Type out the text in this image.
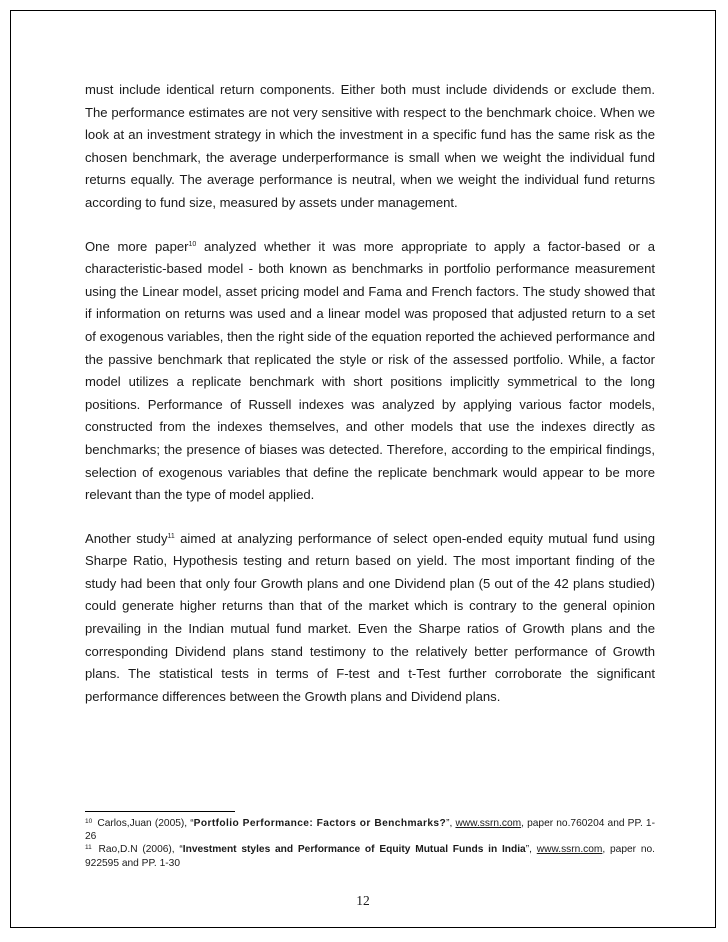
must include identical return components. Either both must include dividends or exclude them. The performance estimates are not very sensitive with respect to the benchmark choice. When we look at an investment strategy in which the investment in a specific fund has the same risk as the chosen benchmark, the average underperformance is small when we weight the individual fund returns equally. The average performance is neutral, when we weight the individual fund returns according to fund size, measured by assets under management.

One more paper$^{10}$ analyzed whether it was more appropriate to apply a factor-based or a characteristic-based model - both known as benchmarks in portfolio performance measurement using the Linear model, asset pricing model and Fama and French factors. The study showed that if information on returns was used and a linear model was proposed that adjusted return to a set of exogenous variables, then the right side of the equation reported the achieved performance and the passive benchmark that replicated the style or risk of the assessed portfolio. While, a factor model utilizes a replicate benchmark with short positions implicitly symmetrical to the long positions. Performance of Russell indexes was analyzed by applying various factor models, constructed from the indexes themselves, and other models that use the indexes directly as benchmarks; the presence of biases was detected. Therefore, according to the empirical findings, selection of exogenous variables that define the replicate benchmark would appear to be more relevant than the type of model applied.

Another study$^{11}$ aimed at analyzing performance of select open-ended equity mutual fund using Sharpe Ratio, Hypothesis testing and return based on yield. The most important finding of the study had been that only four Growth plans and one Dividend plan (5 out of the 42 plans studied) could generate higher returns than that of the market which is contrary to the general opinion prevailing in the Indian mutual fund market. Even the Sharpe ratios of Growth plans and the corresponding Dividend plans stand testimony to the relatively better performance of Growth plans. The statistical tests in terms of F-test and t-Test further corroborate the significant performance differences between the Growth plans and Dividend plans.

$^{10}$ Carlos,Juan (2005), “Portfolio Performance: Factors or Benchmarks?”, www.ssrn.com, paper no.760204 and PP. 1-26

$^{11}$ Rao,D.N (2006), “Investment styles and Performance of Equity Mutual Funds in India”, www.ssrn.com, paper no. 922595 and PP. 1-30

12
